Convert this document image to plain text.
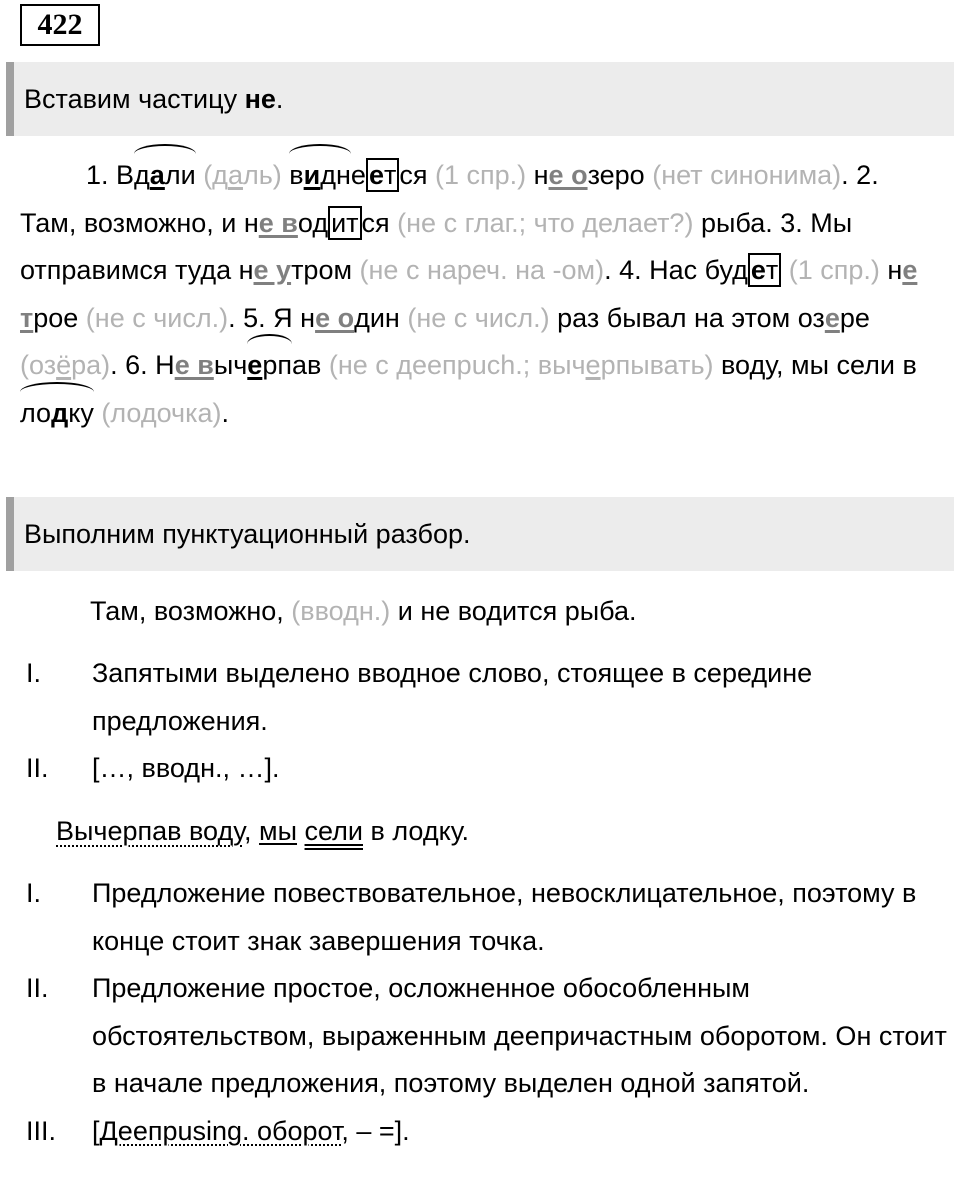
422
Вставим частицу не.
1. Вдали (даль) видне ет ся (1 спр.) не озеро (нет синонима). 2. Там, возможно, и не вод ит ся (не с глаг.; что делает?) рыба. 3. Мы отправимся туда не утром (не с нареч. на -ом). 4. Нас буд ет (1 спр.) не трое (не с числ.). 5. Я не один (не с числ.) раз бывал на этом озере (озёра). 6. Не вычерпав (не с деепрuch.; вычерпывать) воду, мы сели в лодку (лодочка).
Выполним пунктуационный разбор.
Там, возможно, (вводн.) и не водится рыба.
I.	Запятыми выделено вводное слово, стоящее в середине предложения.
II.	[…, вводн., …].
Вычерпав воду, мы сели в лодку.
I.	Предложение повествовательное, невосклицательное, поэтому в конце стоит знак завершения точка.
II.	Предложение простое, осложненное обособленным обстоятельством, выраженным деепричастным оборотом. Он стоит в начале предложения, поэтому выделен одной запятой.
III.	[Деепрusing. оборот, – =].
